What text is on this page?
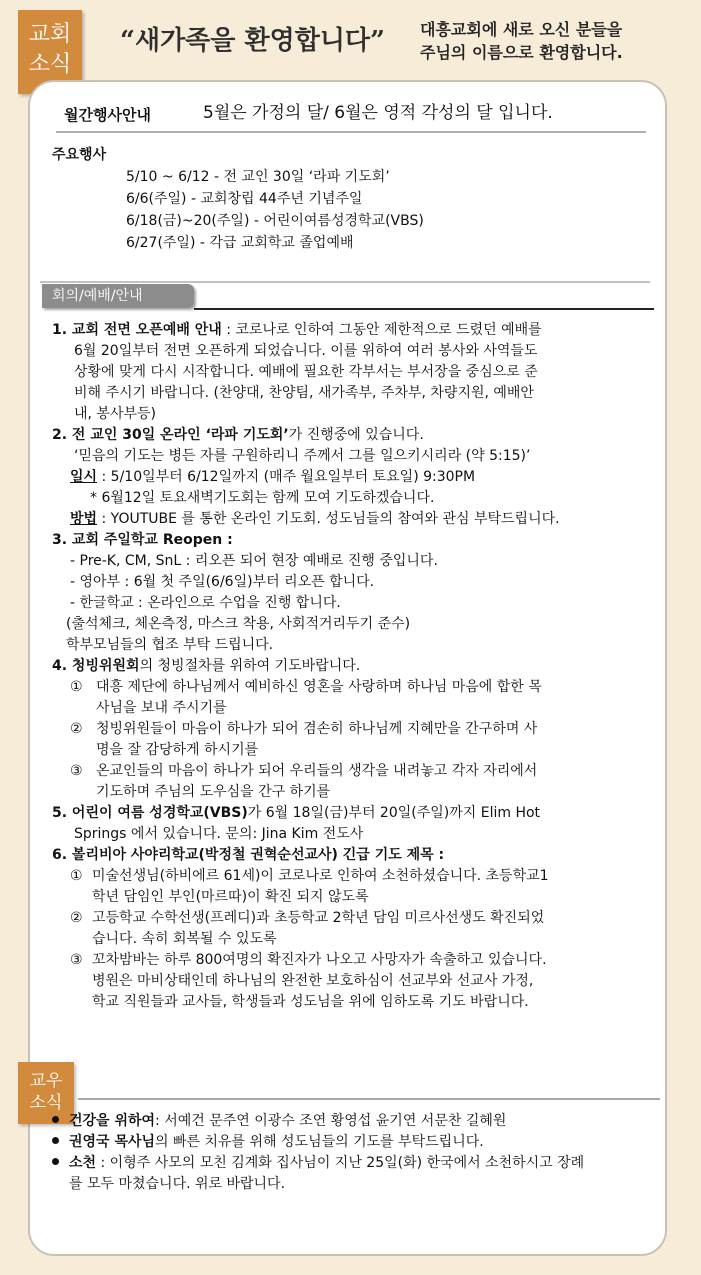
교회
소식
“새가족을 환영합니다” 대흥교회에 새로 오신 분들을
주님의 이름으로 환영합니다.
월간행사안내	5월은 가정의 달/ 6월은 영적 각성의 달 입니다.
주요행사
5/10 ~ 6/12 - 전 교인 30일 ‘라파 기도회’
6/6(주일) - 교회창립 44주년 기념주일
6/18(금)~20(주일) - 어린이여름성경학교(VBS)
6/27(주일) - 각급 교회학교 졸업예배
회의/예배/안내
1. 교회 전면 오픈예배 안내 : 코로나로 인하여 그동안 제한적으로 드렸던 예배를
6월 20일부터 전면 오픈하게 되었습니다. 이를 위하여 여러 봉사와 사역들도
상황에 맞게 다시 시작합니다. 예배에 필요한 각부서는 부서장을 중심으로 준
비해 주시기 바랍니다. (찬양대, 찬양팀, 새가족부, 주차부, 차량지원, 예배안
내, 봉사부등)
2. 전 교인 30일 온라인 ‘라파 기도회’가 진행중에 있습니다.
‘믿음의 기도는 병든 자를 구원하리니 주께서 그를 일으키시리라 (약 5:15)’
일시 : 5/10일부터 6/12일까지 (매주 월요일부터 토요일) 9:30PM
* 6월12일 토요새벽기도회는 함께 모여 기도하겠습니다.
방법 : YOUTUBE 를 통한 온라인 기도회. 성도님들의 참여와 관심 부탁드립니다.
3. 교회 주일학교 Reopen :
- Pre-K, CM, SnL : 리오픈 되어 현장 예배로 진행 중입니다.
- 영아부 : 6월 첫 주일(6/6일)부터 리오픈 합니다.
- 한글학교 : 온라인으로 수업을 진행 합니다.
(출석체크, 체온측정, 마스크 착용, 사회적거리두기 준수)
학부모님들의 협조 부탁 드립니다.
4. 청빙위원회의 청빙절차를 위하여 기도바랍니다.
① 대흥 제단에 하나님께서 예비하신 영혼을 사랑하며 하나님 마음에 합한 목
사님을 보내 주시기를
② 청빙위원들이 마음이 하나가 되어 겸손히 하나님께 지혜만을 간구하며 사
명을 잘 감당하게 하시기를
③ 온교인들의 마음이 하나가 되어 우리들의 생각을 내려놓고 각자 자리에서
기도하며 주님의 도우심을 간구 하기를
5. 어린이 여름 성경학교(VBS)가 6월 18일(금)부터 20일(주일)까지 Elim Hot
Springs 에서 있습니다. 문의: Jina Kim 전도사
6. 볼리비아 사야리학교(박정철 권혁순선교사) 긴급 기도 제목 :
① 미술선생님(하비에르 61세)이 코로나로 인하여 소천하셨습니다. 초등학교1
학년 담임인 부인(마르따)이 확진 되지 않도록
② 고등학교 수학선생(프레디)과 초등학교 2학년 담임 미르사선생도 확진되었
습니다. 속히 회복될 수 있도록
③ 꼬차밤바는 하루 800여명의 확진자가 나오고 사망자가 속출하고 있습니다.
병원은 마비상태인데 하나님의 완전한 보호하심이 선교부와 선교사 가정,
학교 직원들과 교사들, 학생들과 성도님을 위에 임하도록 기도 바랍니다.
교우
소식
건강을 위하여: 서예건 문주연 이광수 조연 황영섭 윤기연 서문찬 길혜원
권영국 목사님의 빠른 치유를 위해 성도님들의 기도를 부탁드립니다.
소천 : 이형주 사모의 모친 김계화 집사님이 지난 25일(화) 한국에서 소천하시고 장례
를 모두 마쳤습니다. 위로 바랍니다.
